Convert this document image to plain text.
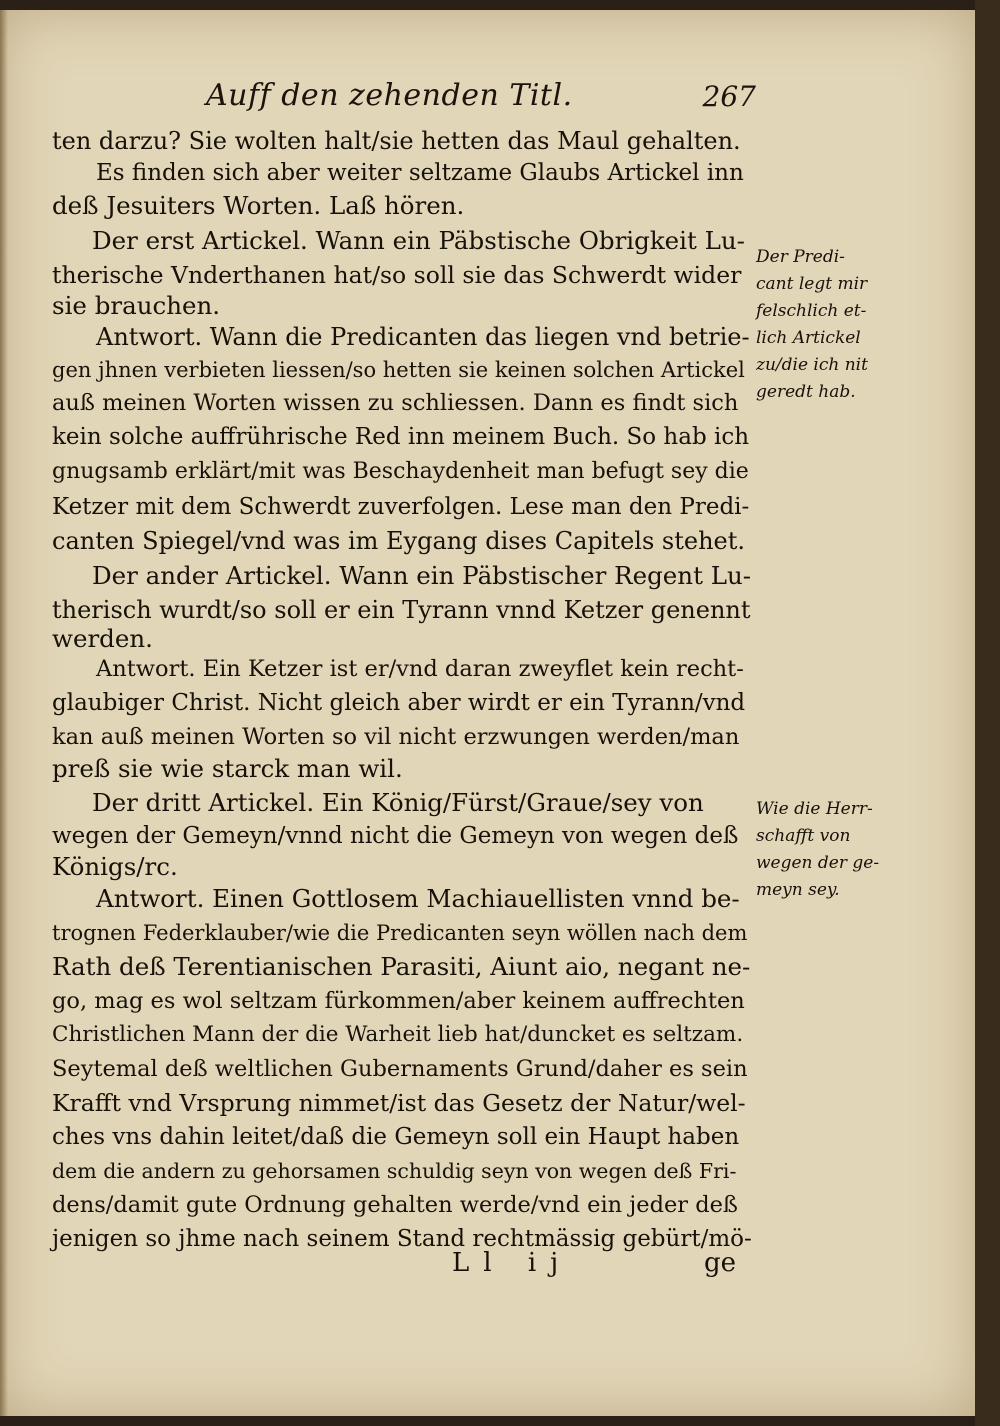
Auff den zehenden Titl.	267
ten darzu? Sie wolten halt/sie hetten das Maul gehalten.
Es finden sich aber weiter seltzame Glaubs Artickel inn
deß Jesuiters Worten. Laß hören.
Der erst Artickel. Wann ein Päbstische Obrigkeit Lu-
therische Vnderthanen hat/so soll sie das Schwerdt wider
sie brauchen.
Antwort. Wann die Predicanten das liegen vnd betrie-
gen jhnen verbieten liessen/so hetten sie keinen solchen Artickel
auß meinen Worten wissen zu schliessen. Dann es findt sich
kein solche auffrührische Red inn meinem Buch. So hab ich
gnugsamb erklärt/mit was Beschaydenheit man befugt sey die
Ketzer mit dem Schwerdt zuverfolgen. Lese man den Predi-
canten Spiegel/vnd was im Eygang dises Capitels stehet.
Der ander Artickel. Wann ein Päbstischer Regent Lu-
therisch wurdt/so soll er ein Tyrann vnnd Ketzer genennt
werden.
Antwort. Ein Ketzer ist er/vnd daran zweyflet kein recht-
glaubiger Christ. Nicht gleich aber wirdt er ein Tyrann/vnd
kan auß meinen Worten so vil nicht erzwungen werden/man
preß sie wie starck man wil.
Der dritt Artickel. Ein König/Fürst/Graue/sey von
wegen der Gemeyn/vnnd nicht die Gemeyn von wegen deß
Königs/rc.
Antwort. Einen Gottlosem Machiauellisten vnnd be-
trognen Federklauber/wie die Predicanten seyn wöllen nach dem
Rath deß Terentianischen Parasiti, Aiunt aio, negant ne-
go, mag es wol seltzam fürkommen/aber keinem auffrechten
Christlichen Mann der die Warheit lieb hat/duncket es seltzam.
Seytemal deß weltlichen Gubernaments Grund/daher es sein
Krafft vnd Vrsprung nimmet/ist das Gesetz der Natur/wel-
ches vns dahin leitet/daß die Gemeyn soll ein Haupt haben
dem die andern zu gehorsamen schuldig seyn von wegen deß Fri-
dens/damit gute Ordnung gehalten werde/vnd ein jeder deß
jenigen so jhme nach seinem Stand rechtmässig gebürt/mö-
Der Predi-
cant legt mir
felschlich et-
lich Artickel
zu/die ich nit
geredt hab.
Wie die Herr-
schafft von
wegen der ge-
meyn sey.
Ll ij	ge
